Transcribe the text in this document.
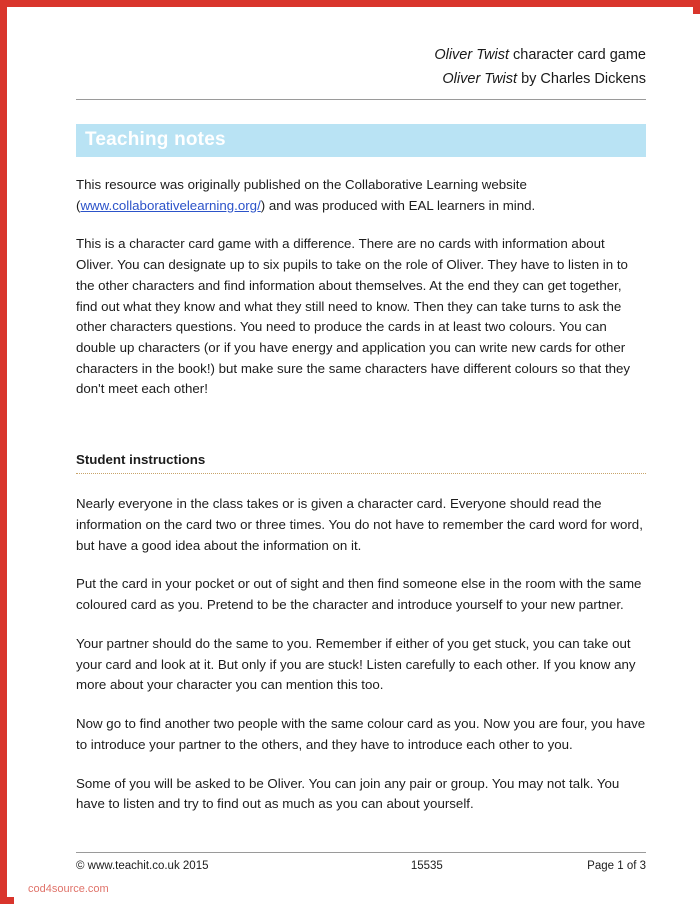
Oliver Twist character card game
Oliver Twist by Charles Dickens
Teaching notes
This resource was originally published on the Collaborative Learning website (www.collaborativelearning.org/) and was produced with EAL learners in mind.
This is a character card game with a difference. There are no cards with information about Oliver. You can designate up to six pupils to take on the role of Oliver. They have to listen in to the other characters and find information about themselves. At the end they can get together, find out what they know and what they still need to know. Then they can take turns to ask the other characters questions. You need to produce the cards in at least two colours. You can double up characters (or if you have energy and application you can write new cards for other characters in the book!) but make sure the same characters have different colours so that they don't meet each other!
Student instructions
Nearly everyone in the class takes or is given a character card. Everyone should read the information on the card two or three times. You do not have to remember the card word for word, but have a good idea about the information on it.
Put the card in your pocket or out of sight and then find someone else in the room with the same coloured card as you. Pretend to be the character and introduce yourself to your new partner.
Your partner should do the same to you. Remember if either of you get stuck, you can take out your card and look at it. But only if you are stuck! Listen carefully to each other. If you know any more about your character you can mention this too.
Now go to find another two people with the same colour card as you. Now you are four, you have to introduce your partner to the others, and they have to introduce each other to you.
Some of you will be asked to be Oliver. You can join any pair or group. You may not talk. You have to listen and try to find out as much as you can about yourself.
© www.teachit.co.uk 2015	15535	Page 1 of 3
cod4source.com
